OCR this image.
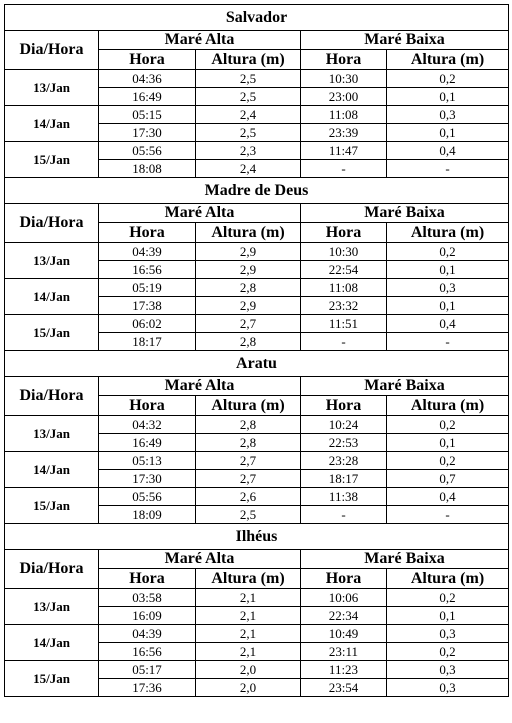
Salvador				
Dia/Hora	Maré Alta		Maré Baixa	
	Hora	Altura (m)	Hora	Altura (m)
13/Jan	04:36	2,5	10:30	0,2
	16:49	2,5	23:00	0,1
14/Jan	05:15	2,4	11:08	0,3
	17:30	2,5	23:39	0,1
15/Jan	05:56	2,3	11:47	0,4
	18:08	2,4	-	-
Madre de Deus				
Dia/Hora	Maré Alta		Maré Baixa	
	Hora	Altura (m)	Hora	Altura (m)
13/Jan	04:39	2,9	10:30	0,2
	16:56	2,9	22:54	0,1
14/Jan	05:19	2,8	11:08	0,3
	17:38	2,9	23:32	0,1
15/Jan	06:02	2,7	11:51	0,4
	18:17	2,8	-	-
Aratu				
Dia/Hora	Maré Alta		Maré Baixa	
	Hora	Altura (m)	Hora	Altura (m)
13/Jan	04:32	2,8	10:24	0,2
	16:49	2,8	22:53	0,1
14/Jan	05:13	2,7	23:28	0,2
	17:30	2,7	18:17	0,7
15/Jan	05:56	2,6	11:38	0,4
	18:09	2,5	-	-
Ilhéus				
Dia/Hora	Maré Alta		Maré Baixa	
	Hora	Altura (m)	Hora	Altura (m)
13/Jan	03:58	2,1	10:06	0,2
	16:09	2,1	22:34	0,1
14/Jan	04:39	2,1	10:49	0,3
	16:56	2,1	23:11	0,2
15/Jan	05:17	2,0	11:23	0,3
	17:36	2,0	23:54	0,3
